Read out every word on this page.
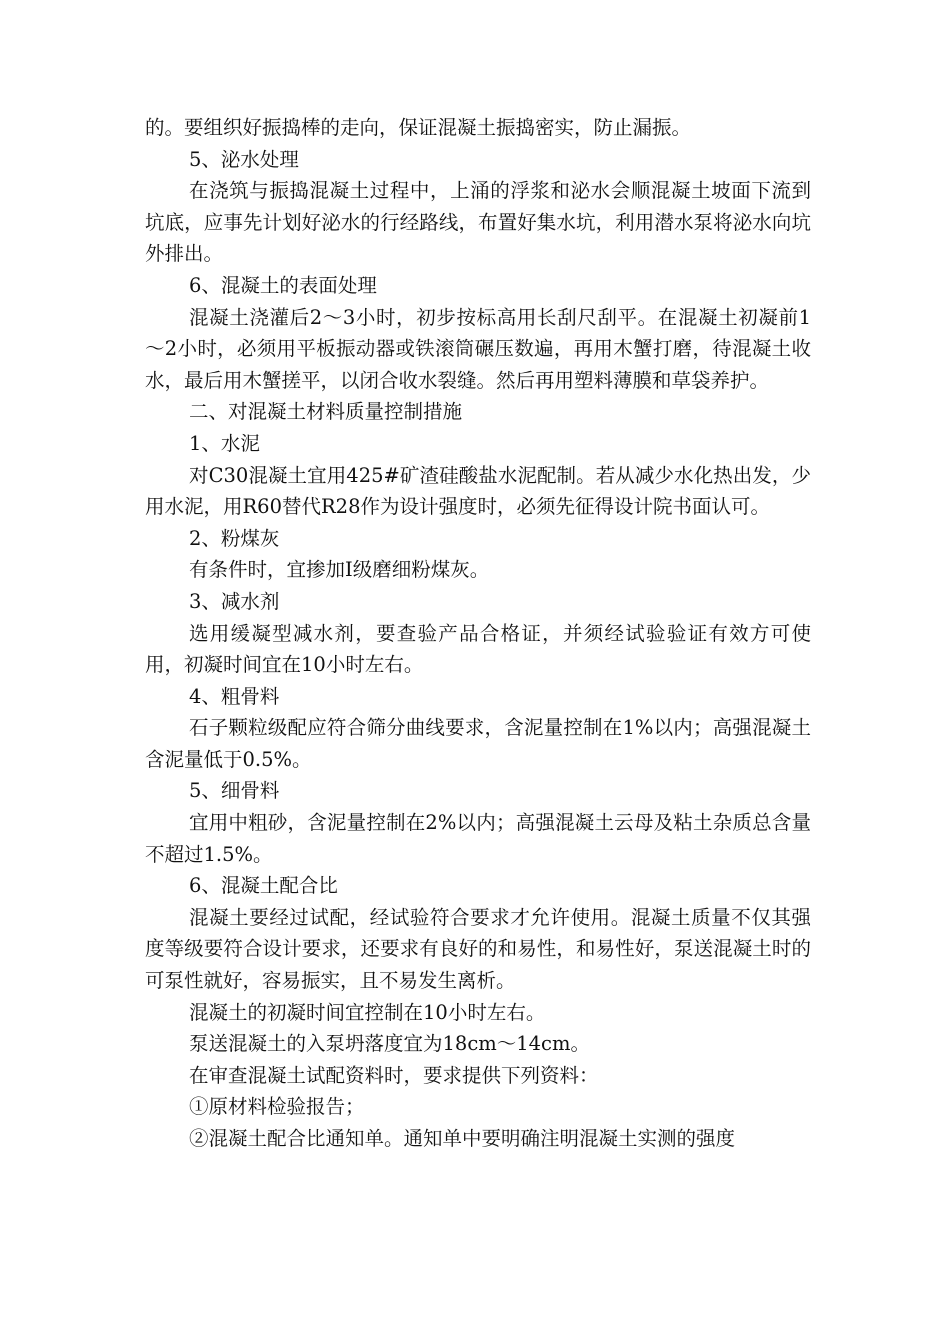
的。要组织好振捣棒的走向，保证混凝土振捣密实，防止漏振。

5、泌水处理

在浇筑与振捣混凝土过程中，上涌的浮浆和泌水会顺混凝土坡面下流到坑底，应事先计划好泌水的行经路线，布置好集水坑，利用潜水泵将泌水向坑外排出。

6、混凝土的表面处理

混凝土浇灌后2～3小时，初步按标高用长刮尺刮平。在混凝土初凝前1～2小时，必须用平板振动器或铁滚筒碾压数遍，再用木蟹打磨，待混凝土收水，最后用木蟹搓平，以闭合收水裂缝。然后再用塑料薄膜和草袋养护。

二、对混凝土材料质量控制措施

1、水泥

对C30混凝土宜用425#矿渣硅酸盐水泥配制。若从减少水化热出发，少用水泥，用R60替代R28作为设计强度时，必须先征得设计院书面认可。

2、粉煤灰

有条件时，宜掺加Ⅰ级磨细粉煤灰。

3、减水剂

选用缓凝型减水剂，要查验产品合格证，并须经试验验证有效方可使用，初凝时间宜在10小时左右。

4、粗骨料

石子颗粒级配应符合筛分曲线要求，含泥量控制在1%以内；高强混凝土含泥量低于0.5%。

5、细骨料

宜用中粗砂，含泥量控制在2%以内；高强混凝土云母及粘土杂质总含量不超过1.5%。

6、混凝土配合比

混凝土要经过试配，经试验符合要求才允许使用。混凝土质量不仅其强度等级要符合设计要求，还要求有良好的和易性，和易性好，泵送混凝土时的可泵性就好，容易振实，且不易发生离析。

混凝土的初凝时间宜控制在10小时左右。

泵送混凝土的入泵坍落度宜为18cm～14cm。

在审查混凝土试配资料时，要求提供下列资料：

①原材料检验报告；

②混凝土配合比通知单。通知单中要明确注明混凝土实测的强度
